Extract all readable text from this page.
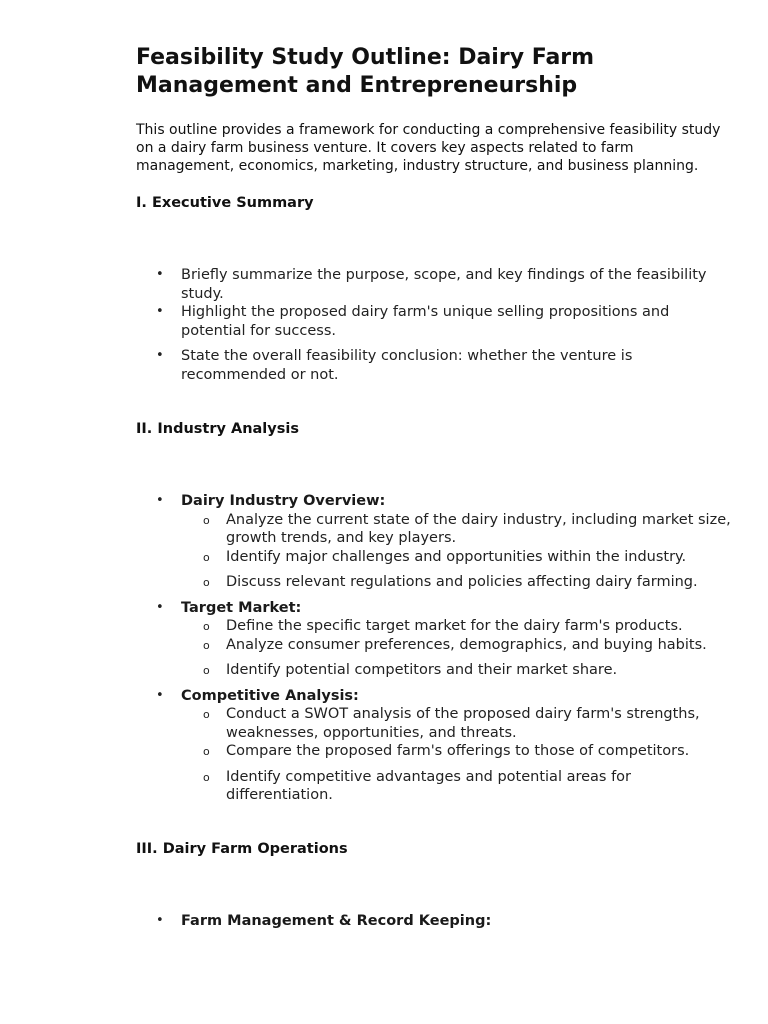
Feasibility Study Outline: Dairy Farm Management and Entrepreneurship

This outline provides a framework for conducting a comprehensive feasibility study on a dairy farm business venture. It covers key aspects related to farm management, economics, marketing, industry structure, and business planning.

I. Executive Summary
• Briefly summarize the purpose, scope, and key findings of the feasibility study.
• Highlight the proposed dairy farm's unique selling propositions and potential for success.
• State the overall feasibility conclusion: whether the venture is recommended or not.
II. Industry Analysis
• Dairy Industry Overview:
o Analyze the current state of the dairy industry, including market size, growth trends, and key players.
o Identify major challenges and opportunities within the industry.
o Discuss relevant regulations and policies affecting dairy farming.
• Target Market:
o Define the specific target market for the dairy farm's products.
o Analyze consumer preferences, demographics, and buying habits.
o Identify potential competitors and their market share.
• Competitive Analysis:
o Conduct a SWOT analysis of the proposed dairy farm's strengths, weaknesses, opportunities, and threats.
o Compare the proposed farm's offerings to those of competitors.
o Identify competitive advantages and potential areas for differentiation.
III. Dairy Farm Operations
• Farm Management & Record Keeping:
